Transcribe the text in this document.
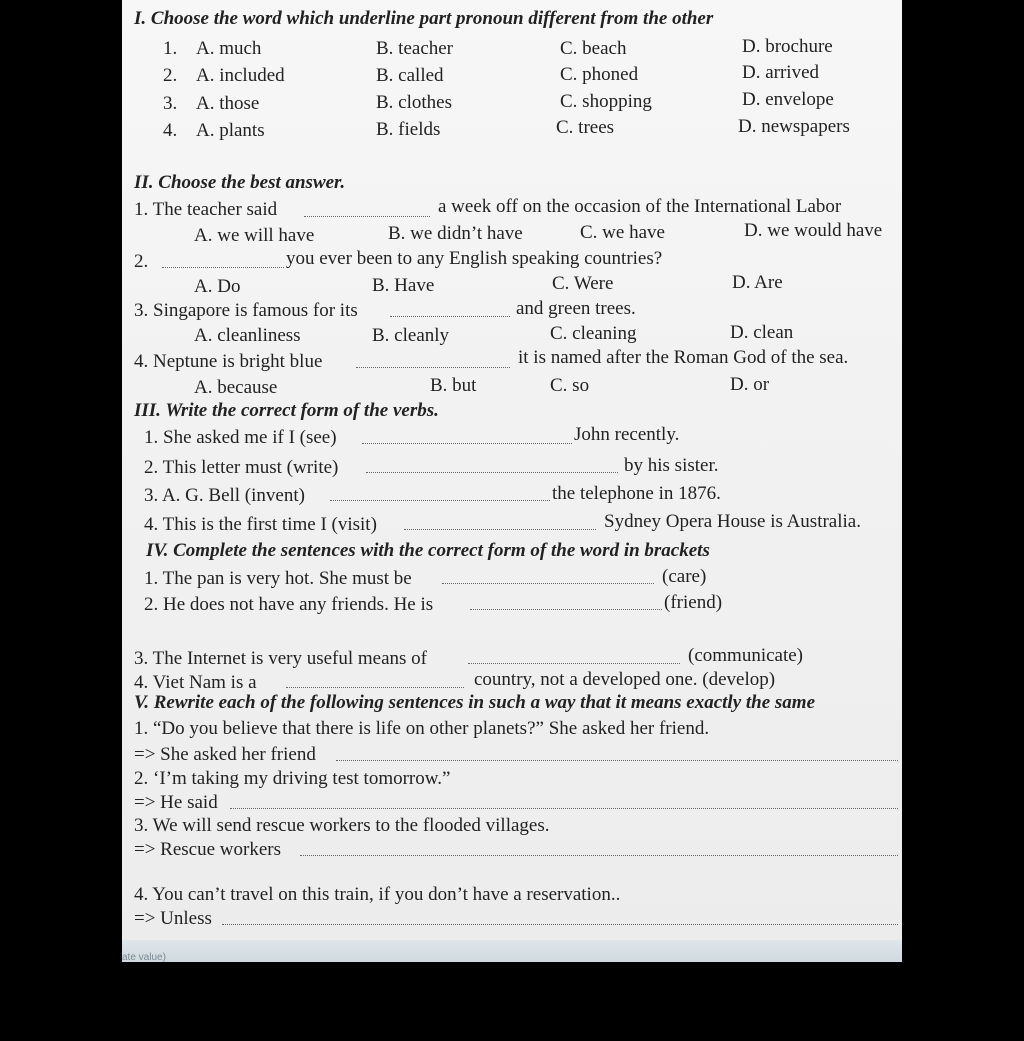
ate value)
I. Choose the word which underline part pronoun different from the other
1. A. much	B. teacher	C. beach	D. brochure
2. A. included	B. called	C. phoned	D. arrived
3. A. those	B. clothes	C. shopping	D. envelope
4. A. plants	B. fields	C. trees	D. newspapers
II. Choose the best answer.
1. The teacher said	a week off on the occasion of the International Labor
A. we will have	B. we didn’t have	C. we have	D. we would have
2.	you ever been to any English speaking countries?
A. Do	B. Have	C. Were	D. Are
3. Singapore is famous for its	and green trees.
A. cleanliness	B. cleanly	C. cleaning	D. clean
4. Neptune is bright blue	it is named after the Roman God of the sea.
A. because	B. but	C. so	D. or
III. Write the correct form of the verbs.
1. She asked me if I (see)	John recently.
2. This letter must (write)	by his sister.
3. A. G. Bell (invent)	the telephone in 1876.
4. This is the first time I (visit)	Sydney Opera House is Australia.
IV. Complete the sentences with the correct form of the word in brackets
1. The pan is very hot. She must be	(care)
2. He does not have any friends. He is	(friend)
3. The Internet is very useful means of	(communicate)
4. Viet Nam is a	country, not a developed one. (develop)
V. Rewrite each of the following sentences in such a way that it means exactly the same
1. “Do you believe that there is life on other planets?” She asked her friend.
=> She asked her friend
2. ‘I’m taking my driving test tomorrow.”
=> He said
3. We will send rescue workers to the flooded villages.
=> Rescue workers
4. You can’t travel on this train, if you don’t have a reservation..
=> Unless
